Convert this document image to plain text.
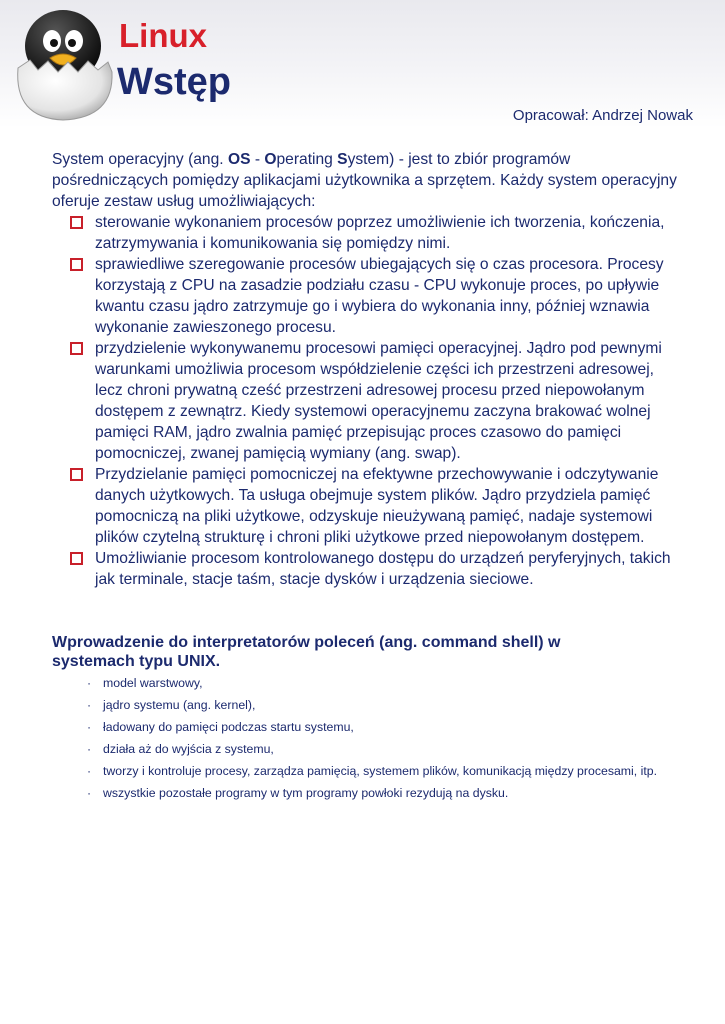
Linux
Wstęp
Opracował: Andrzej Nowak

System operacyjny (ang. OS - Operating System) - jest to zbiór programów pośredniczących pomiędzy aplikacjami użytkownika a sprzętem. Każdy system operacyjny oferuje zestaw usług umożliwiających:

sterowanie wykonaniem procesów poprzez umożliwienie ich tworzenia, kończenia, zatrzymywania i komunikowania się pomiędzy nimi.
sprawiedliwe szeregowanie procesów ubiegających się o czas procesora. Procesy korzystają z CPU na zasadzie podziału czasu - CPU wykonuje proces, po upływie kwantu czasu jądro zatrzymuje go i wybiera do wykonania inny, później wznawia wykonanie zawieszonego procesu.
przydzielenie wykonywanemu procesowi pamięci operacyjnej. Jądro pod pewnymi warunkami umożliwia procesom współdzielenie części ich przestrzeni adresowej, lecz chroni prywatną cześć przestrzeni adresowej procesu przed niepowołanym dostępem z zewnątrz. Kiedy systemowi operacyjnemu zaczyna brakować wolnej pamięci RAM, jądro zwalnia pamięć przepisując proces czasowo do pamięci pomocniczej, zwanej pamięcią wymiany (ang. swap).
Przydzielanie pamięci pomocniczej na efektywne przechowywanie i odczytywanie danych użytkowych. Ta usługa obejmuje system plików. Jądro przydziela pamięć pomocniczą na pliki użytkowe, odzyskuje nieużywaną pamięć, nadaje systemowi plików czytelną strukturę i chroni pliki użytkowe przed niepowołanym dostępem.
Umożliwianie procesom kontrolowanego dostępu do urządzeń peryferyjnych, takich jak terminale, stacje taśm, stacje dysków i urządzenia sieciowe.
Wprowadzenie do interpretatorów poleceń (ang. command shell) w systemach typu UNIX.
· model warstwowy,
· jądro systemu (ang. kernel),
· ładowany do pamięci podczas startu systemu,
· działa aż do wyjścia z systemu,
· tworzy i kontroluje procesy, zarządza pamięcią, systemem plików, komunikacją między procesami, itp.
· wszystkie pozostałe programy w tym programy powłoki rezydują na dysku.
